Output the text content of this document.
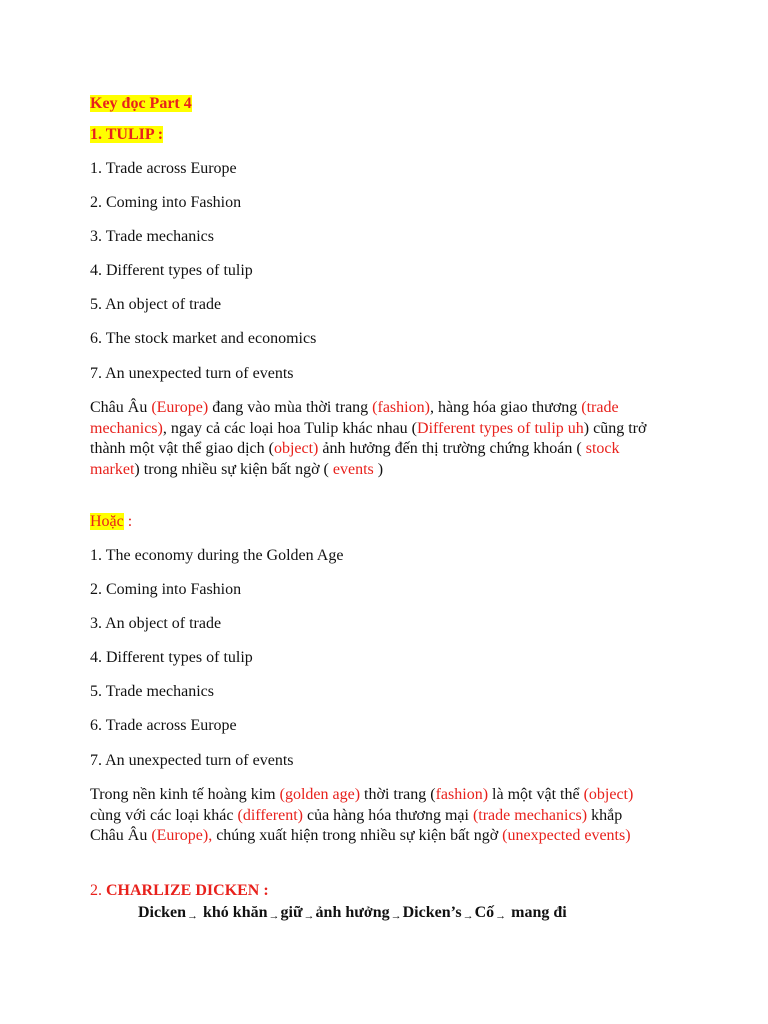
Key đọc Part 4
1. TULIP :
1. Trade across Europe
2. Coming into Fashion
3. Trade mechanics
4. Different types of tulip
5. An object of trade
6. The stock market and economics
7. An unexpected turn of events
Châu Âu (Europe) đang vào mùa thời trang (fashion), hàng hóa giao thương (trade mechanics), ngay cả các loại hoa Tulip khác nhau (Different types of tulip uh) cũng trở thành một vật thể giao dịch (object) ảnh hưởng đến thị trường chứng khoán ( stock market) trong nhiều sự kiện bất ngờ ( events )
Hoặc :
1. The economy during the Golden Age
2. Coming into Fashion
3. An object of trade
4. Different types of tulip
5. Trade mechanics
6. Trade across Europe
7. An unexpected turn of events
Trong nền kinh tế hoàng kim (golden age) thời trang (fashion) là một vật thể (object) cùng với các loại khác (different) của hàng hóa thương mại (trade mechanics) khắp Châu Âu (Europe), chúng xuất hiện trong nhiều sự kiện bất ngờ (unexpected events)
2. CHARLIZE DICKEN :
Dicken→ khó khăn→giữ→ảnh hưởng→Dicken’s→Cố→ mang đi
